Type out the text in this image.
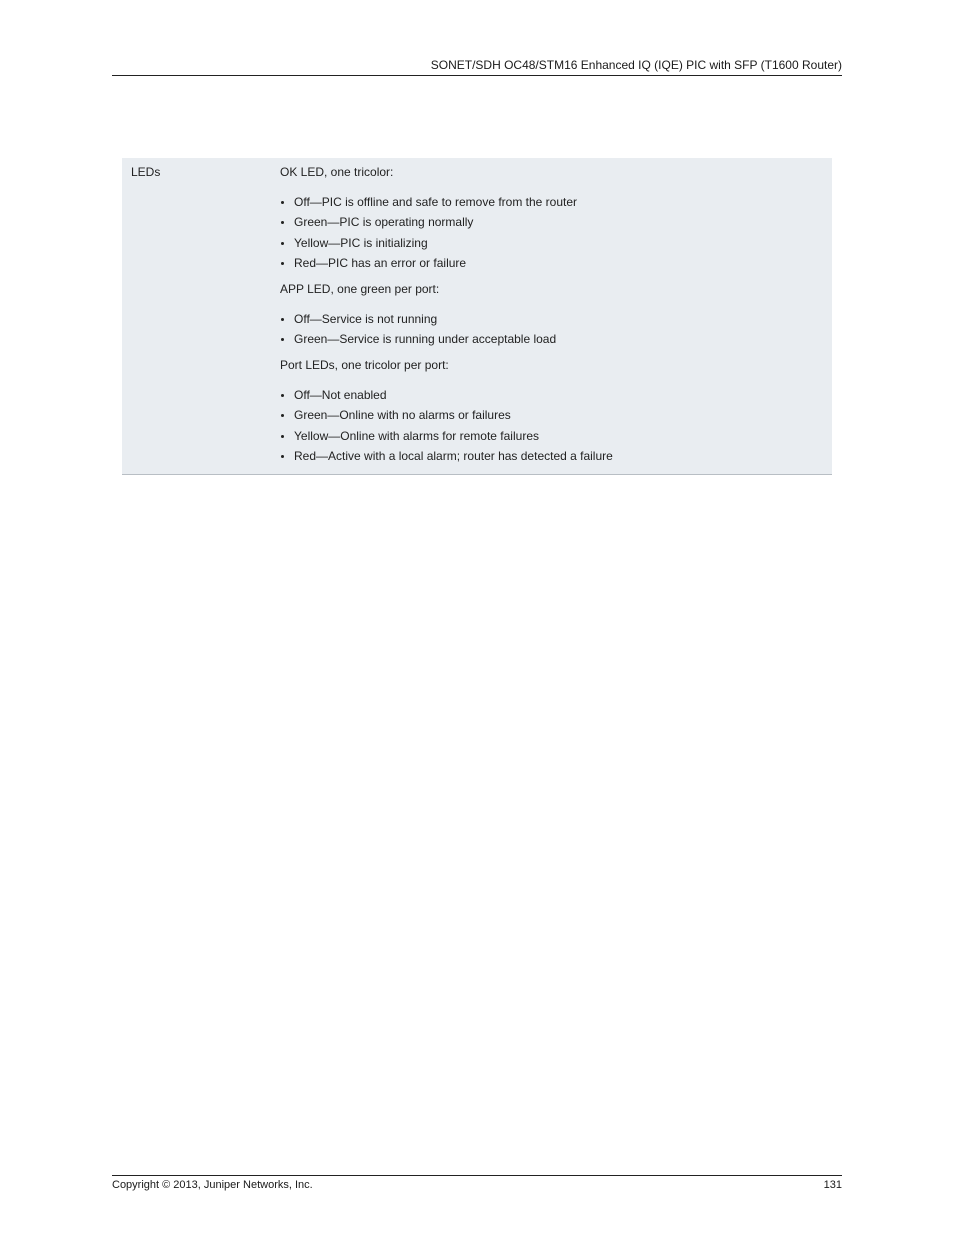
SONET/SDH OC48/STM16 Enhanced IQ (IQE) PIC with SFP (T1600 Router)
LEDs	OK LED, one tricolor:

Off—PIC is offline and safe to remove from the router
Green—PIC is operating normally
Yellow—PIC is initializing
Red—PIC has an error or failure

APP LED, one green per port:

Off—Service is not running
Green—Service is running under acceptable load

Port LEDs, one tricolor per port:

Off—Not enabled
Green—Online with no alarms or failures
Yellow—Online with alarms for remote failures
Red—Active with a local alarm; router has detected a failure
Copyright © 2013, Juniper Networks, Inc.	131
